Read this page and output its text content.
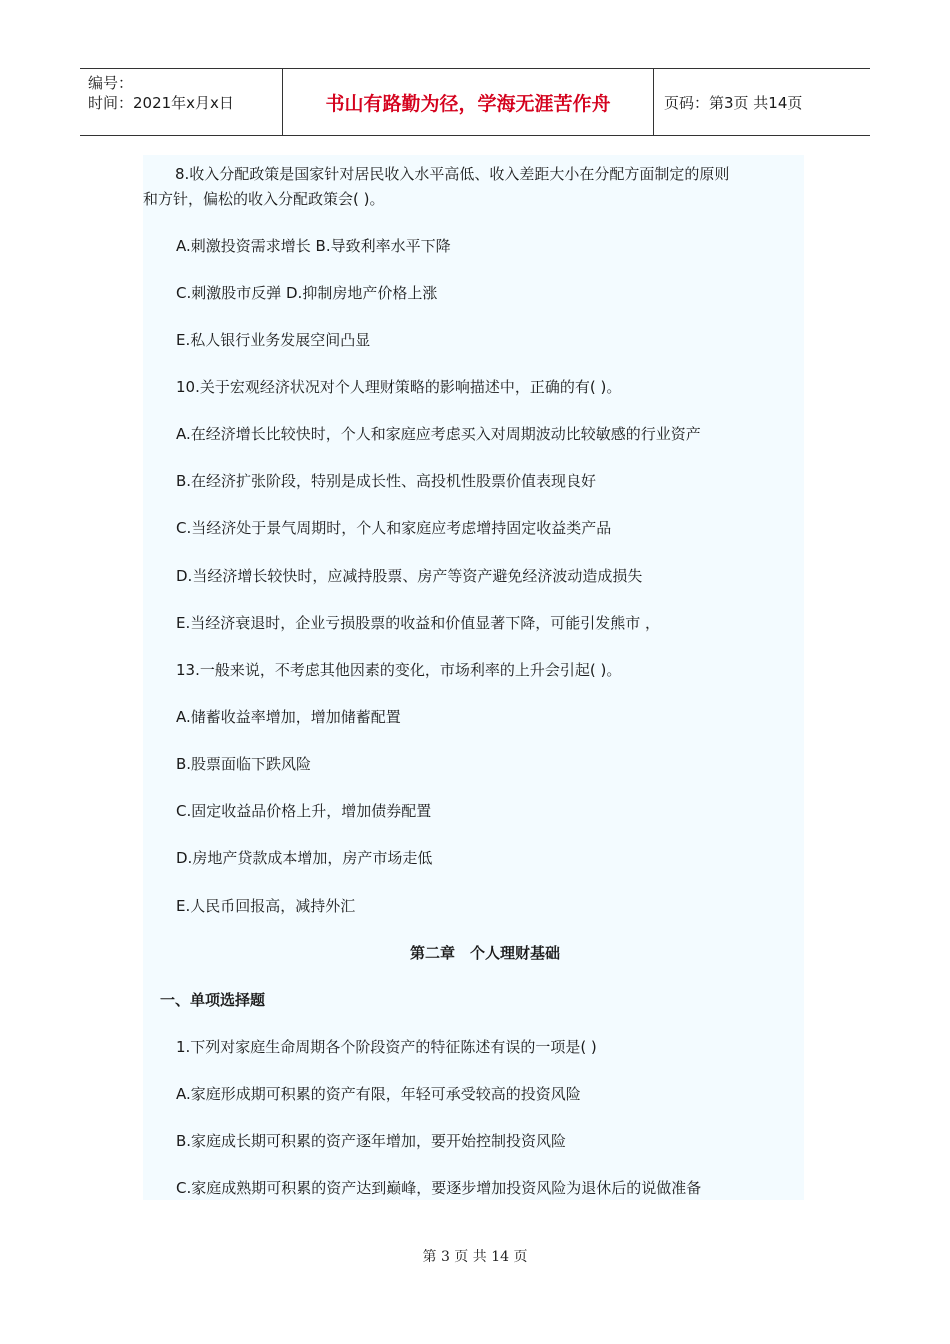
编号：
时间：2021年x月x日	书山有路勤为径，学海无涯苦作舟	页码：第3页 共14页
8.收入分配政策是国家针对居民收入水平高低、收入差距大小在分配方面制定的原则
和方针，偏松的收入分配政策会( )。
A.刺激投资需求增长 B.导致利率水平下降
C.刺激股市反弹 D.抑制房地产价格上涨
E.私人银行业务发展空间凸显
10.关于宏观经济状况对个人理财策略的影响描述中，正确的有( )。
A.在经济增长比较快时，个人和家庭应考虑买入对周期波动比较敏感的行业资产
B.在经济扩张阶段，特别是成长性、高投机性股票价值表现良好
C.当经济处于景气周期时，个人和家庭应考虑增持固定收益类产品
D.当经济增长较快时，应减持股票、房产等资产避免经济波动造成损失
E.当经济衰退时，企业亏损股票的收益和价值显著下降，可能引发熊市 ，
13.一般来说，不考虑其他因素的变化，市场利率的上升会引起( )。
A.储蓄收益率增加，增加储蓄配置
B.股票面临下跌风险
C.固定收益品价格上升，增加债券配置
D.房地产贷款成本增加，房产市场走低
E.人民币回报高，减持外汇
第二章　个人理财基础
一、单项选择题
1.下列对家庭生命周期各个阶段资产的特征陈述有误的一项是( )
A.家庭形成期可积累的资产有限，年轻可承受较高的投资风险
B.家庭成长期可积累的资产逐年增加，要开始控制投资风险
C.家庭成熟期可积累的资产达到巅峰，要逐步增加投资风险为退休后的说做准备
第 3 页 共 14 页
